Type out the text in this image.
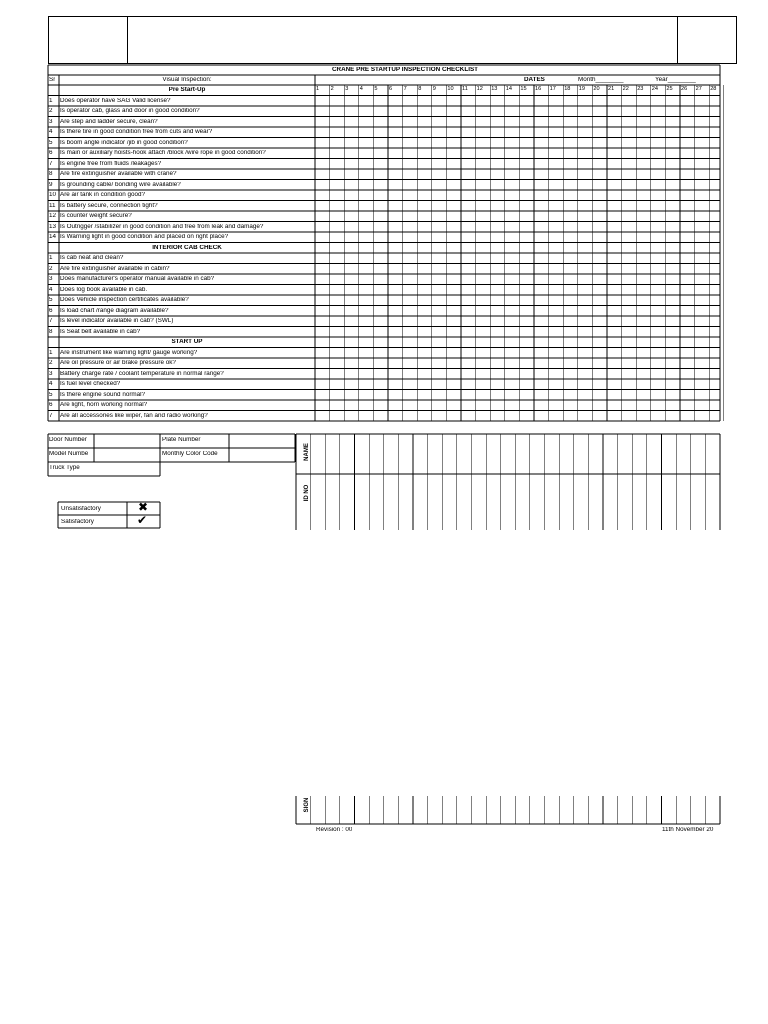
CRANE PRE STARTUP INSPECTION CHECKLIST
Sr	Visual Inspection:	DATES	Month________	Year________
1 2 3 4 5 6 7 8 9 10 11 12 13 14 15 16 17 18 19 20 21 22 23 24 25 26 27 28
Pre Start-Up
1 Does operator have SAG Valid license?
2 Is operator cab, glass and door in good condition?
3 Are step and ladder secure, clean?
4 Is there tire in good condition free from cuts and wear?
5 Is boom angle indicator /jib in good condition?
6 Is main or auxiliary hoists-hook attach /block /wire rope in good condition?
7 Is engine free from fluids /leakages?
8 Are fire extinguisher available with crane?
9 Is grounding cable/ bonding wire available?
10 Are air tank in condition good?
11 Is battery secure, connection tight?
12 Is counter weight secure?
13 Is Outrigger /stabilizer in good condition and free from leak and damage?
14 Is Warning light in good condition and placed on right place?
INTERIOR CAB CHECK
1 Is cab neat and clean?
2 Are fire extinguisher available in cabin?
3 Does manufacturer's operator manual available in cab?
4 Does log book available in cab.
5 Does Vehicle inspection certificates available?
6 Is load chart /range diagram available?
7 Is level indicator available in cab? (SWL)
8 Is Seat belt available in cab?
START UP
1 Are instrument like warning light/ gauge working?
2 Are oil pressure or air brake pressure ok?
3 Battery charge rate / coolant temperature in normal range?
4 Is fuel level checked?
5 Is there engine sound normal?
6 Are light, horn working normal?
7 Are all accessories like wiper, fan and radio working?
Door Number	Plate Number
Model Numbe	Monthly Color Code
Truck Type
Unsatisfactory	✖
Satisfactory	✔
NAME
ID NO
SIGN
Revision : 00	11th November 20
